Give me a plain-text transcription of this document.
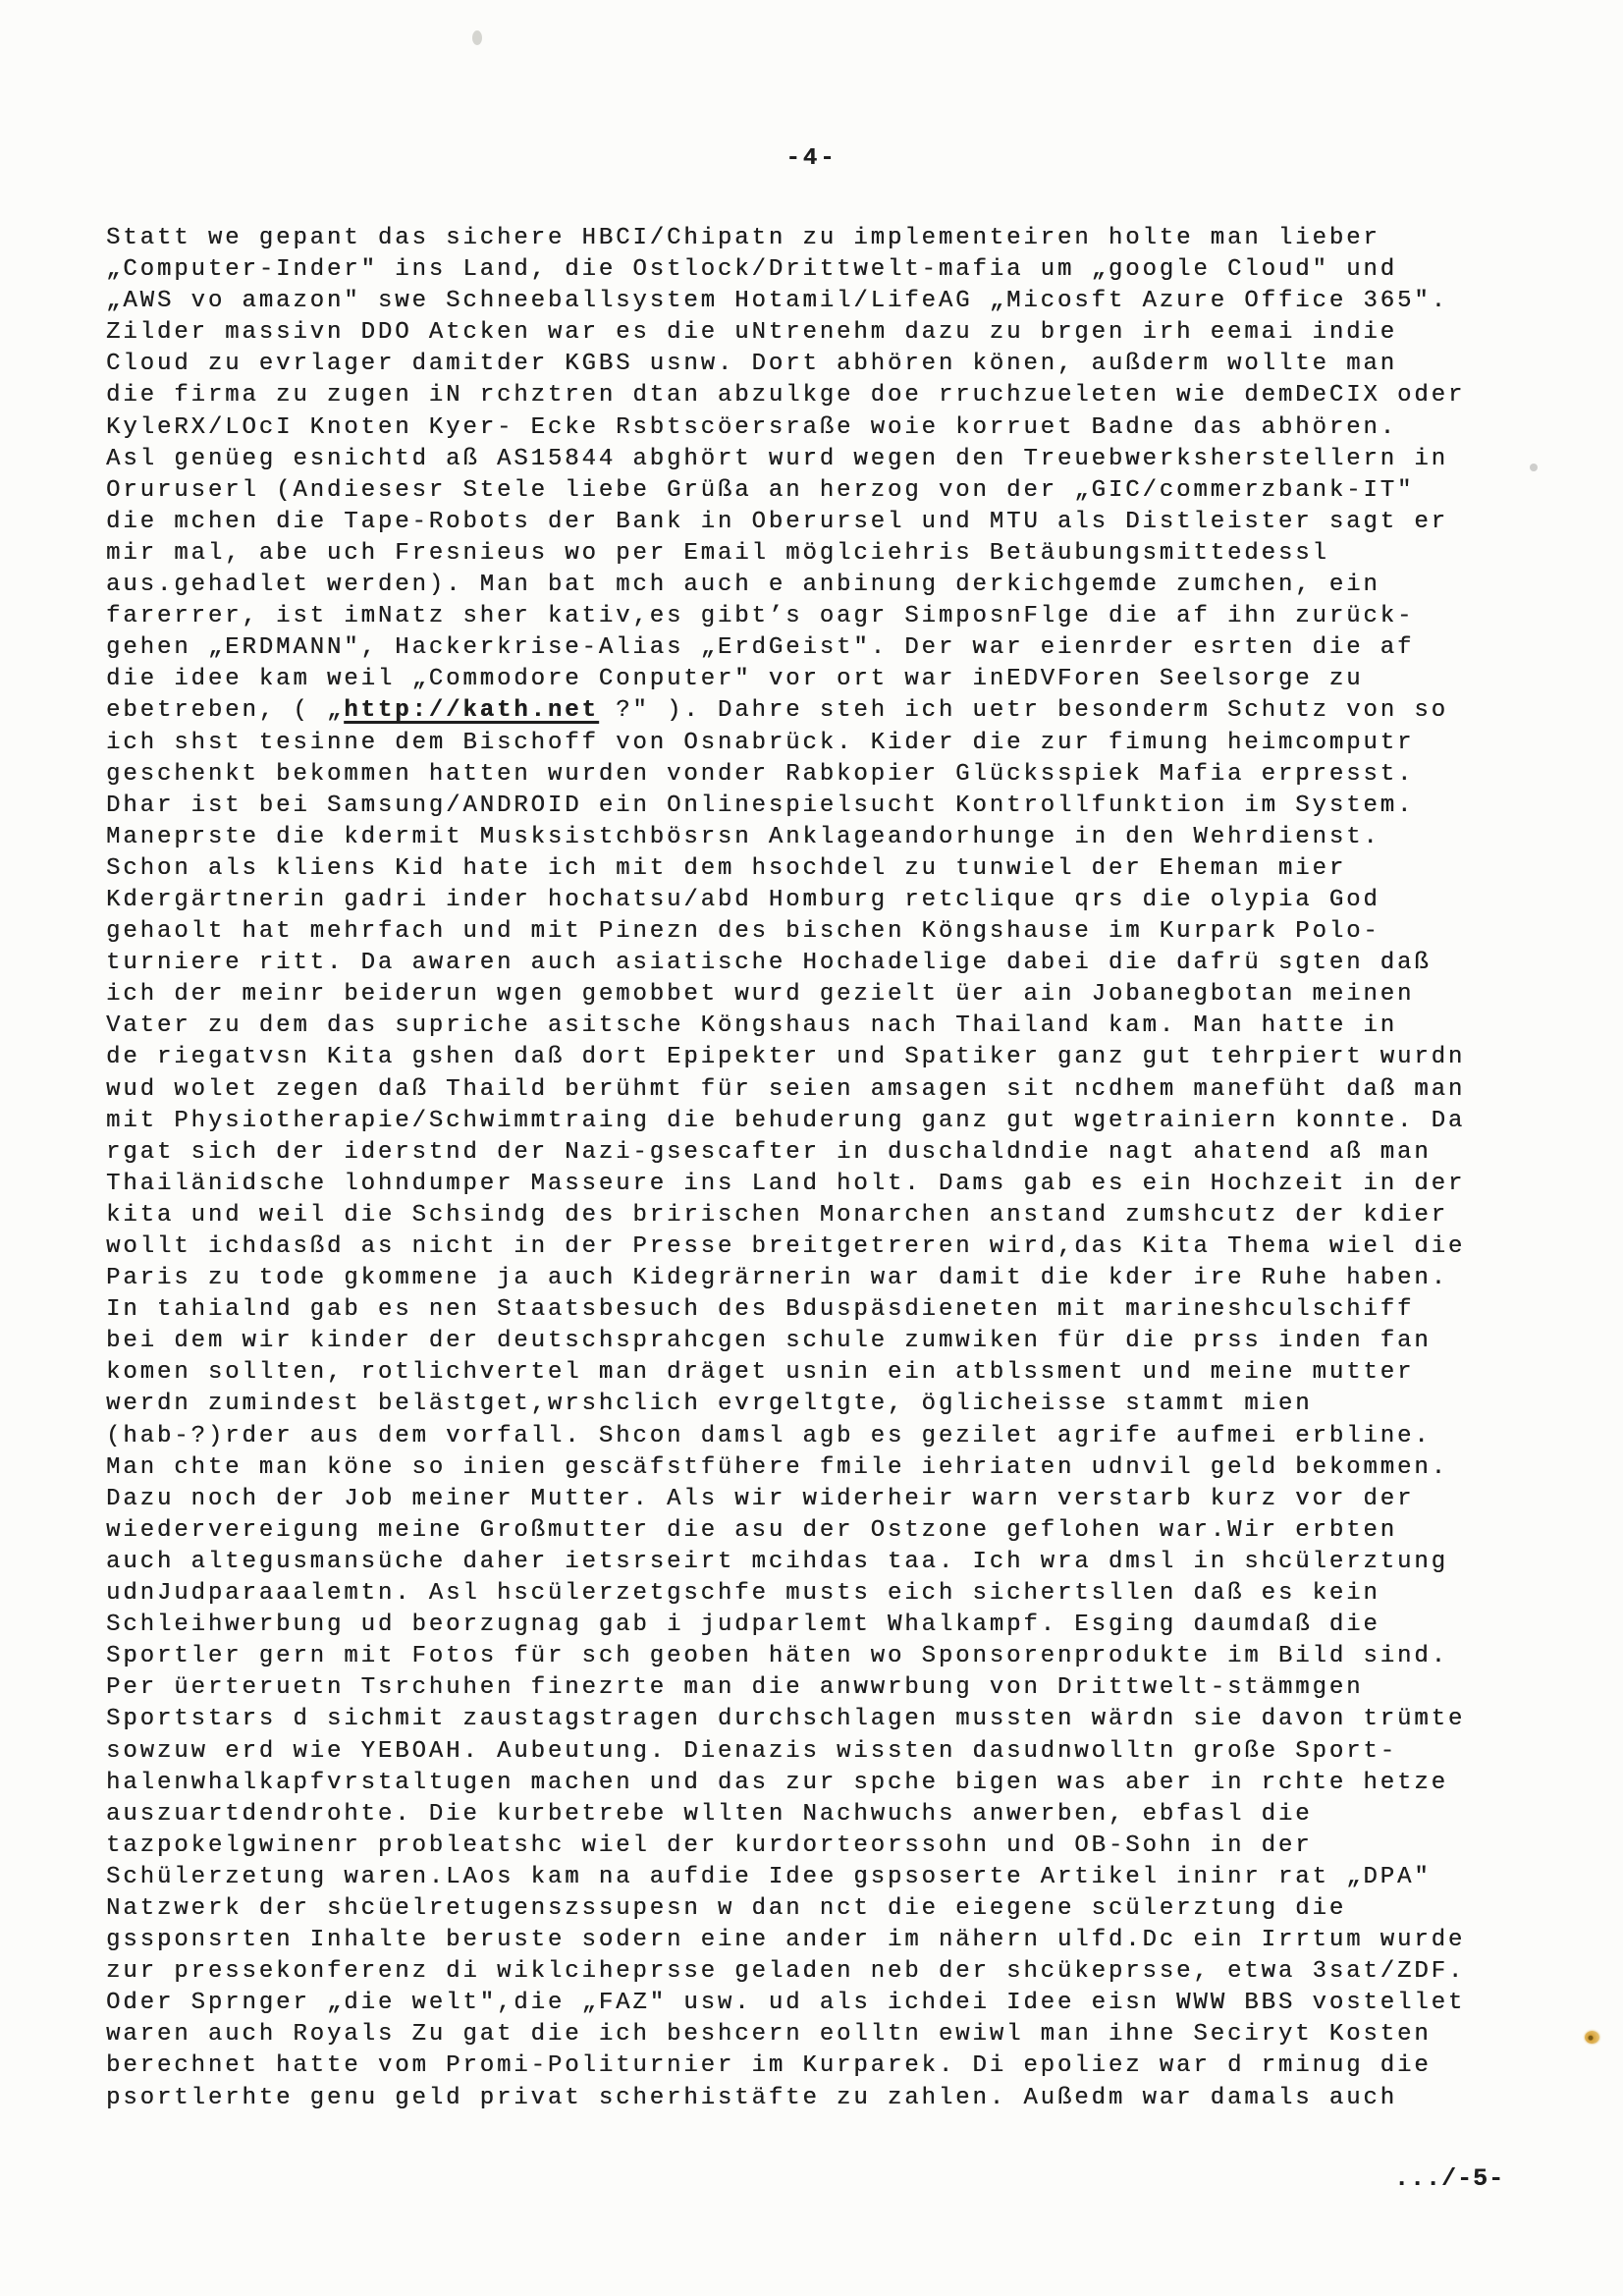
-4-
Statt we gepant das sichere HBCI/Chipatn zu implementeiren holte man lieber
„Computer-Inder" ins Land, die Ostlock/Drittwelt-mafia um „google Cloud" und
„AWS vo amazon" swe Schneeballsystem Hotamil/LifeAG „Micosft Azure Office 365".
Zilder massivn DDO Atcken war es die uNtrenehm dazu zu brgen irh eemai indie
Cloud zu evrlager damitder KGBS usnw. Dort abhören könen, außderm wollte man
die firma zu zugen iN rchztren dtan abzulkge doe rruchzueleten wie demDeCIX oder
KyleRX/LOcI Knoten Kyer- Ecke Rsbtscöersraße woie korruet Badne das abhören.
Asl genüeg esnichtd aß AS15844 abghört wurd wegen den Treuebwerksherstellern in
Oruruserl (Andiesesr Stele liebe Grüßa an herzog von der „GIC/commerzbank-IT"
die mchen die Tape-Robots der Bank in Oberursel und MTU als Distleister sagt er
mir mal, abe uch Fresnieus wo per Email möglciehris Betäubungsmittedessl
aus.gehadlet werden). Man bat mch auch e anbinung derkichgemde zumchen, ein
farerrer, ist imNatz sher kativ,es gibt’s oagr SimposnFlge die af ihn zurück-
gehen „ERDMANN", Hackerkrise-Alias „ErdGeist". Der war eienrder esrten die af
die idee kam weil „Commodore Conputer" vor ort war inEDVForen Seelsorge zu
ebetreben, ( „http://kath.net ?" ). Dahre steh ich uetr besonderm Schutz von so
ich shst tesinne dem Bischoff von Osnabrück. Kider die zur fimung heimcomputr
geschenkt bekommen hatten wurden vonder Rabkopier Glücksspiek Mafia erpresst.
Dhar ist bei Samsung/ANDROID ein Onlinespielsucht Kontrollfunktion im System.
Maneprste die kdermit Musksistchbösrsn Anklageandorhunge in den Wehrdienst.
Schon als kliens Kid hate ich mit dem hsochdel zu tunwiel der Eheman mier
Kdergärtnerin gadri inder hochatsu/abd Homburg retclique qrs die olypia God
gehaolt hat mehrfach und mit Pinezn des bischen Köngshause im Kurpark Polo-
turniere ritt. Da awaren auch asiatische Hochadelige dabei die dafrü sgten daß
ich der meinr beiderun wgen gemobbet wurd gezielt üer ain Jobanegbotan meinen
Vater zu dem das supriche asitsche Köngshaus nach Thailand kam. Man hatte in
de riegatvsn Kita gshen daß dort Epipekter und Spatiker ganz gut tehrpiert wurdn
wud wolet zegen daß Thaild berühmt für seien amsagen sit ncdhem manefüht daß man
mit Physiotherapie/Schwimmtraing die behuderung ganz gut wgetrainiern konnte. Da
rgat sich der iderstnd der Nazi-gsescafter in duschaldndie nagt ahatend aß man
Thailänidsche lohndumper Masseure ins Land holt. Dams gab es ein Hochzeit in der
kita und weil die Schsindg des bririschen Monarchen anstand zumshcutz der kdier
wollt ichdasßd as nicht in der Presse breitgetreren wird,das Kita Thema wiel die
Paris zu tode gkommene ja auch Kidegrärnerin war damit die kder ire Ruhe haben.
In tahialnd gab es nen Staatsbesuch des Bduspäsdieneten mit marineshculschiff
bei dem wir kinder der deutschsprahcgen schule zumwiken für die prss inden fan
komen sollten, rotlichvertel man dräget usnin ein atblssment und meine mutter
werdn zumindest belästget,wrshclich evrgeltgte, öglicheisse stammt mien
(hab-?)rder aus dem vorfall. Shcon damsl agb es gezilet agrife aufmei erbline.
Man chte man köne so inien gescäfstfühere fmile iehriaten udnvil geld bekommen.
Dazu noch der Job meiner Mutter. Als wir widerheir warn verstarb kurz vor der
wiedervereigung meine Großmutter die asu der Ostzone geflohen war.Wir erbten
auch altegusmansüche daher ietsrseirt mcihdas taa. Ich wra dmsl in shcülerztung
udnJudparaaalemtn. Asl hscülerzetgschfe musts eich sichertsllen daß es kein
Schleihwerbung ud beorzugnag gab i judparlemt Whalkampf. Esging daumdaß die
Sportler gern mit Fotos für sch geoben häten wo Sponsorenprodukte im Bild sind.
Per üerteruetn Tsrchuhen finezrte man die anwwrbung von Drittwelt-stämmgen
Sportstars d sichmit zaustagstragen durchschlagen mussten wärdn sie davon trümte
sowzuw erd wie YEBOAH. Aubeutung. Dienazis wissten dasudnwolltn große Sport-
halenwhalkapfvrstaltugen machen und das zur spche bigen was aber in rchte hetze
auszuartdendrohte. Die kurbetrebe wllten Nachwuchs anwerben, ebfasl die
tazpokelgwinenr probleatshc wiel der kurdorteorssohn und OB-Sohn in der
Schülerzetung waren.LAos kam na aufdie Idee gspsoserte Artikel ininr rat „DPA"
Natzwerk der shcüelretugenszssupesn w dan nct die eiegene scülerztung die
gssponsrten Inhalte beruste sodern eine ander im nähern ulfd.Dc ein Irrtum wurde
zur pressekonferenz di wiklciheprsse geladen neb der shcükeprsse, etwa 3sat/ZDF.
Oder Sprnger „die welt",die „FAZ" usw. ud als ichdei Idee eisn WWW BBS vostellet
waren auch Royals Zu gat die ich beshcern eolltn ewiwl man ihne Seciryt Kosten
berechnet hatte vom Promi-Politurnier im Kurparek. Di epoliez war d rminug die
psortlerhte genu geld privat scherhistäfte zu zahlen. Außedm war damals auch
.../-5-
